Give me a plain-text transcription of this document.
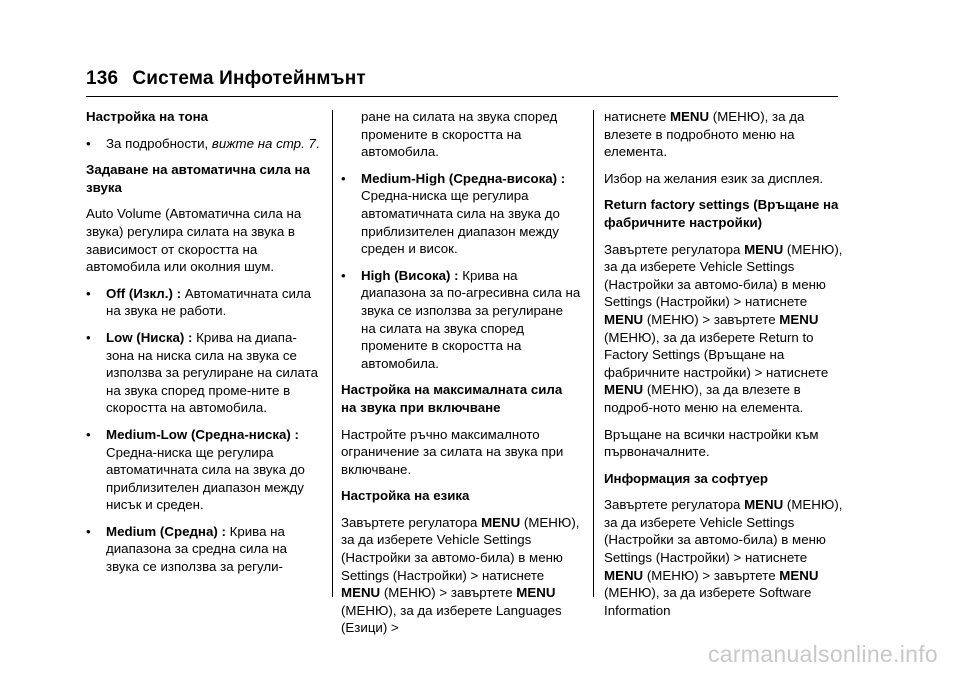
136 Система Инфотейнмънт
Настройка на тона
• За подробности, вижте на стр. 7.
Задаване на автоматична сила на звука

Auto Volume (Автоматична сила на звука) регулира силата на звука в зависимост от скоростта на автомобила или околния шум.

• Off (Изкл.) : Автоматичната сила на звука не работи.
• Low (Ниска) : Крива на диапа-зона на ниска сила на звука се използва за регулиране на силата на звука според проме-ните в скоростта на автомобила.
• Medium-Low (Средна-ниска) : Средна-ниска ще регулира автоматичната сила на звука до приблизителен диапазон между нисък и среден.
• Medium (Средна) : Крива на диапазона за средна сила на звука се използва за регули-
ране на силата на звука според промените в скоростта на автомобила.
• Medium-High (Средна-висока) : Средна-ниска ще регулира автоматичната сила на звука до приблизителен диапазон между среден и висок.
• High (Висока) : Крива на диапазона за по-агресивна сила на звука се използва за регулиране на силата на звука според промените в скоростта на автомобила.
Настройка на максималната сила на звука при включване

Настройте ръчно максималното ограничение за силата на звука при включване.

Настройка на езика

Завъртете регулатора MENU (МЕНЮ), за да изберете Vehicle Settings (Настройки за автомо-била) в меню Settings (Настройки) > натиснете MENU (МЕНЮ) > завъртете MENU (МЕНЮ), за да изберете Languages (Езици) >

натиснете MENU (МЕНЮ), за да влезете в подробното меню на елемента.

Избор на желания език за дисплея.

Return factory settings (Връщане на фабричните настройки)

Завъртете регулатора MENU (МЕНЮ), за да изберете Vehicle Settings (Настройки за автомо-била) в меню Settings (Настройки) > натиснете MENU (МЕНЮ) > завъртете MENU (МЕНЮ), за да изберете Return to Factory Settings (Връщане на фабричните настройки) > натиснете MENU (МЕНЮ), за да влезете в подроб-ното меню на елемента.

Връщане на всички настройки към първоначалните.

Информация за софтуер

Завъртете регулатора MENU (МЕНЮ), за да изберете Vehicle Settings (Настройки за автомо-била) в меню Settings (Настройки) > натиснете MENU (МЕНЮ) > завъртете MENU (МЕНЮ), за да изберете Software Information

carmanualsonline.info
